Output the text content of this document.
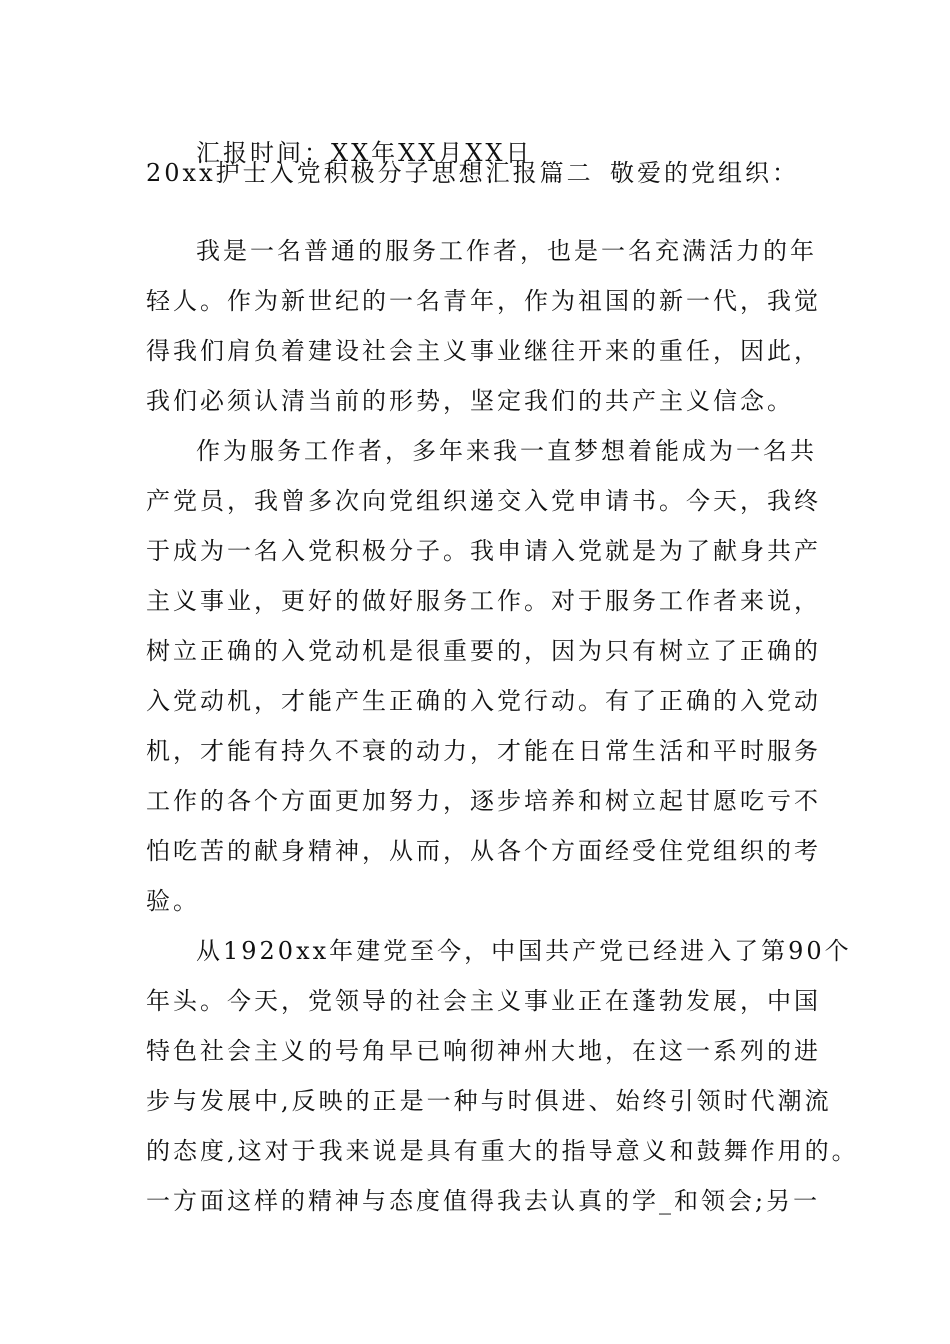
汇报时间：XX年XX月XX日
20xx护士入党积极分子思想汇报篇二 敬爱的党组织：
我是一名普通的服务工作者，也是一名充满活力的年
轻人。作为新世纪的一名青年，作为祖国的新一代，我觉
得我们肩负着建设社会主义事业继往开来的重任，因此，
我们必须认清当前的形势，坚定我们的共产主义信念。
作为服务工作者，多年来我一直梦想着能成为一名共
产党员，我曾多次向党组织递交入党申请书。今天，我终
于成为一名入党积极分子。我申请入党就是为了献身共产
主义事业，更好的做好服务工作。对于服务工作者来说，
树立正确的入党动机是很重要的，因为只有树立了正确的
入党动机，才能产生正确的入党行动。有了正确的入党动
机，才能有持久不衰的动力，才能在日常生活和平时服务
工作的各个方面更加努力，逐步培养和树立起甘愿吃亏不
怕吃苦的献身精神，从而，从各个方面经受住党组织的考
验。
从1920xx年建党至今，中国共产党已经进入了第90个
年头。今天，党领导的社会主义事业正在蓬勃发展，中国
特色社会主义的号角早已响彻神州大地，在这一系列的进
步与发展中,反映的正是一种与时俱进、始终引领时代潮流
的态度,这对于我来说是具有重大的指导意义和鼓舞作用的。
一方面这样的精神与态度值得我去认真的学_和领会;另一
